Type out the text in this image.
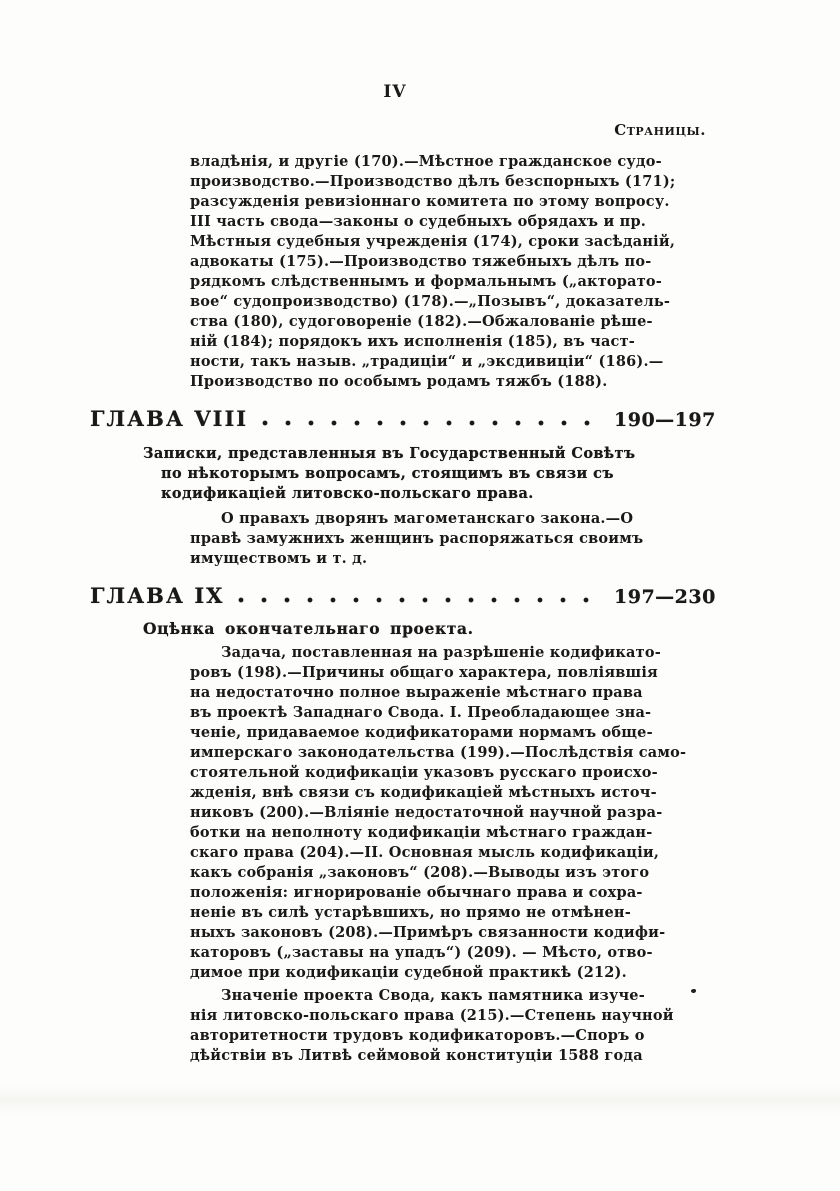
IV
Страницы.
владѣнія, и другіе (170).—Мѣстное гражданское судо-
производство.—Производство дѣлъ безспорныхъ (171);
разсужденія ревизіоннаго комитета по этому вопросу.
III часть свода—законы о судебныхъ обрядахъ и пр.
Мѣстныя судебныя учрежденія (174), сроки засѣданій,
адвокаты (175).—Производство тяжебныхъ дѣлъ по-
рядкомъ слѣдственнымъ и формальнымъ („акторато-
вое“ судопроизводство) (178).—„Позывъ“, доказатель-
ства (180), судоговореніе (182).—Обжалованіе рѣше-
ній (184); порядокъ ихъ исполненія (185), въ част-
ности, такъ назыв. „традиціи“ и „эксдивиціи“ (186).—
Производство по особымъ родамъ тяжбъ (188).
ГЛАВА VIII	190—197
Записки, представленныя въ Государственный Совѣтъ
по нѣкоторымъ вопросамъ, стоящимъ въ связи съ
кодификаціей литовско-польскаго права.
О правахъ дворянъ магометанскаго закона.—О
правѣ замужнихъ женщинъ распоряжаться своимъ
имуществомъ и т. д.
ГЛАВА IX	197—230
Оцѣнка окончательнаго проекта.
Задача, поставленная на разрѣшеніе кодификато-
ровъ (198).—Причины общаго характера, повліявшія
на недостаточно полное выраженіе мѣстнаго права
въ проектѣ Западнаго Свода. I. Преобладающее зна-
ченіе, придаваемое кодификаторами нормамъ обще-
имперскаго законодательства (199).—Послѣдствія само-
стоятельной кодификаціи указовъ русскаго происхо-
жденія, внѣ связи съ кодификаціей мѣстныхъ источ-
никовъ (200).—Вліяніе недостаточной научной разра-
ботки на неполноту кодификаціи мѣстнаго граждан-
скаго права (204).—II. Основная мысль кодификаціи,
какъ собранія „законовъ“ (208).—Выводы изъ этого
положенія: игнорированіе обычнаго права и сохра-
неніе въ силѣ устарѣвшихъ, но прямо не отмѣнен-
ныхъ законовъ (208).—Примѣръ связанности кодифи-
каторовъ („заставы на упадъ“) (209). — Мѣсто, отво-
димое при кодификаціи судебной практикѣ (212).
Значеніе проекта Свода, какъ памятника изуче-
нія литовско-польскаго права (215).—Степень научной
авторитетности трудовъ кодификаторовъ.—Споръ о
дѣйствіи въ Литвѣ сеймовой конституціи 1588 года
